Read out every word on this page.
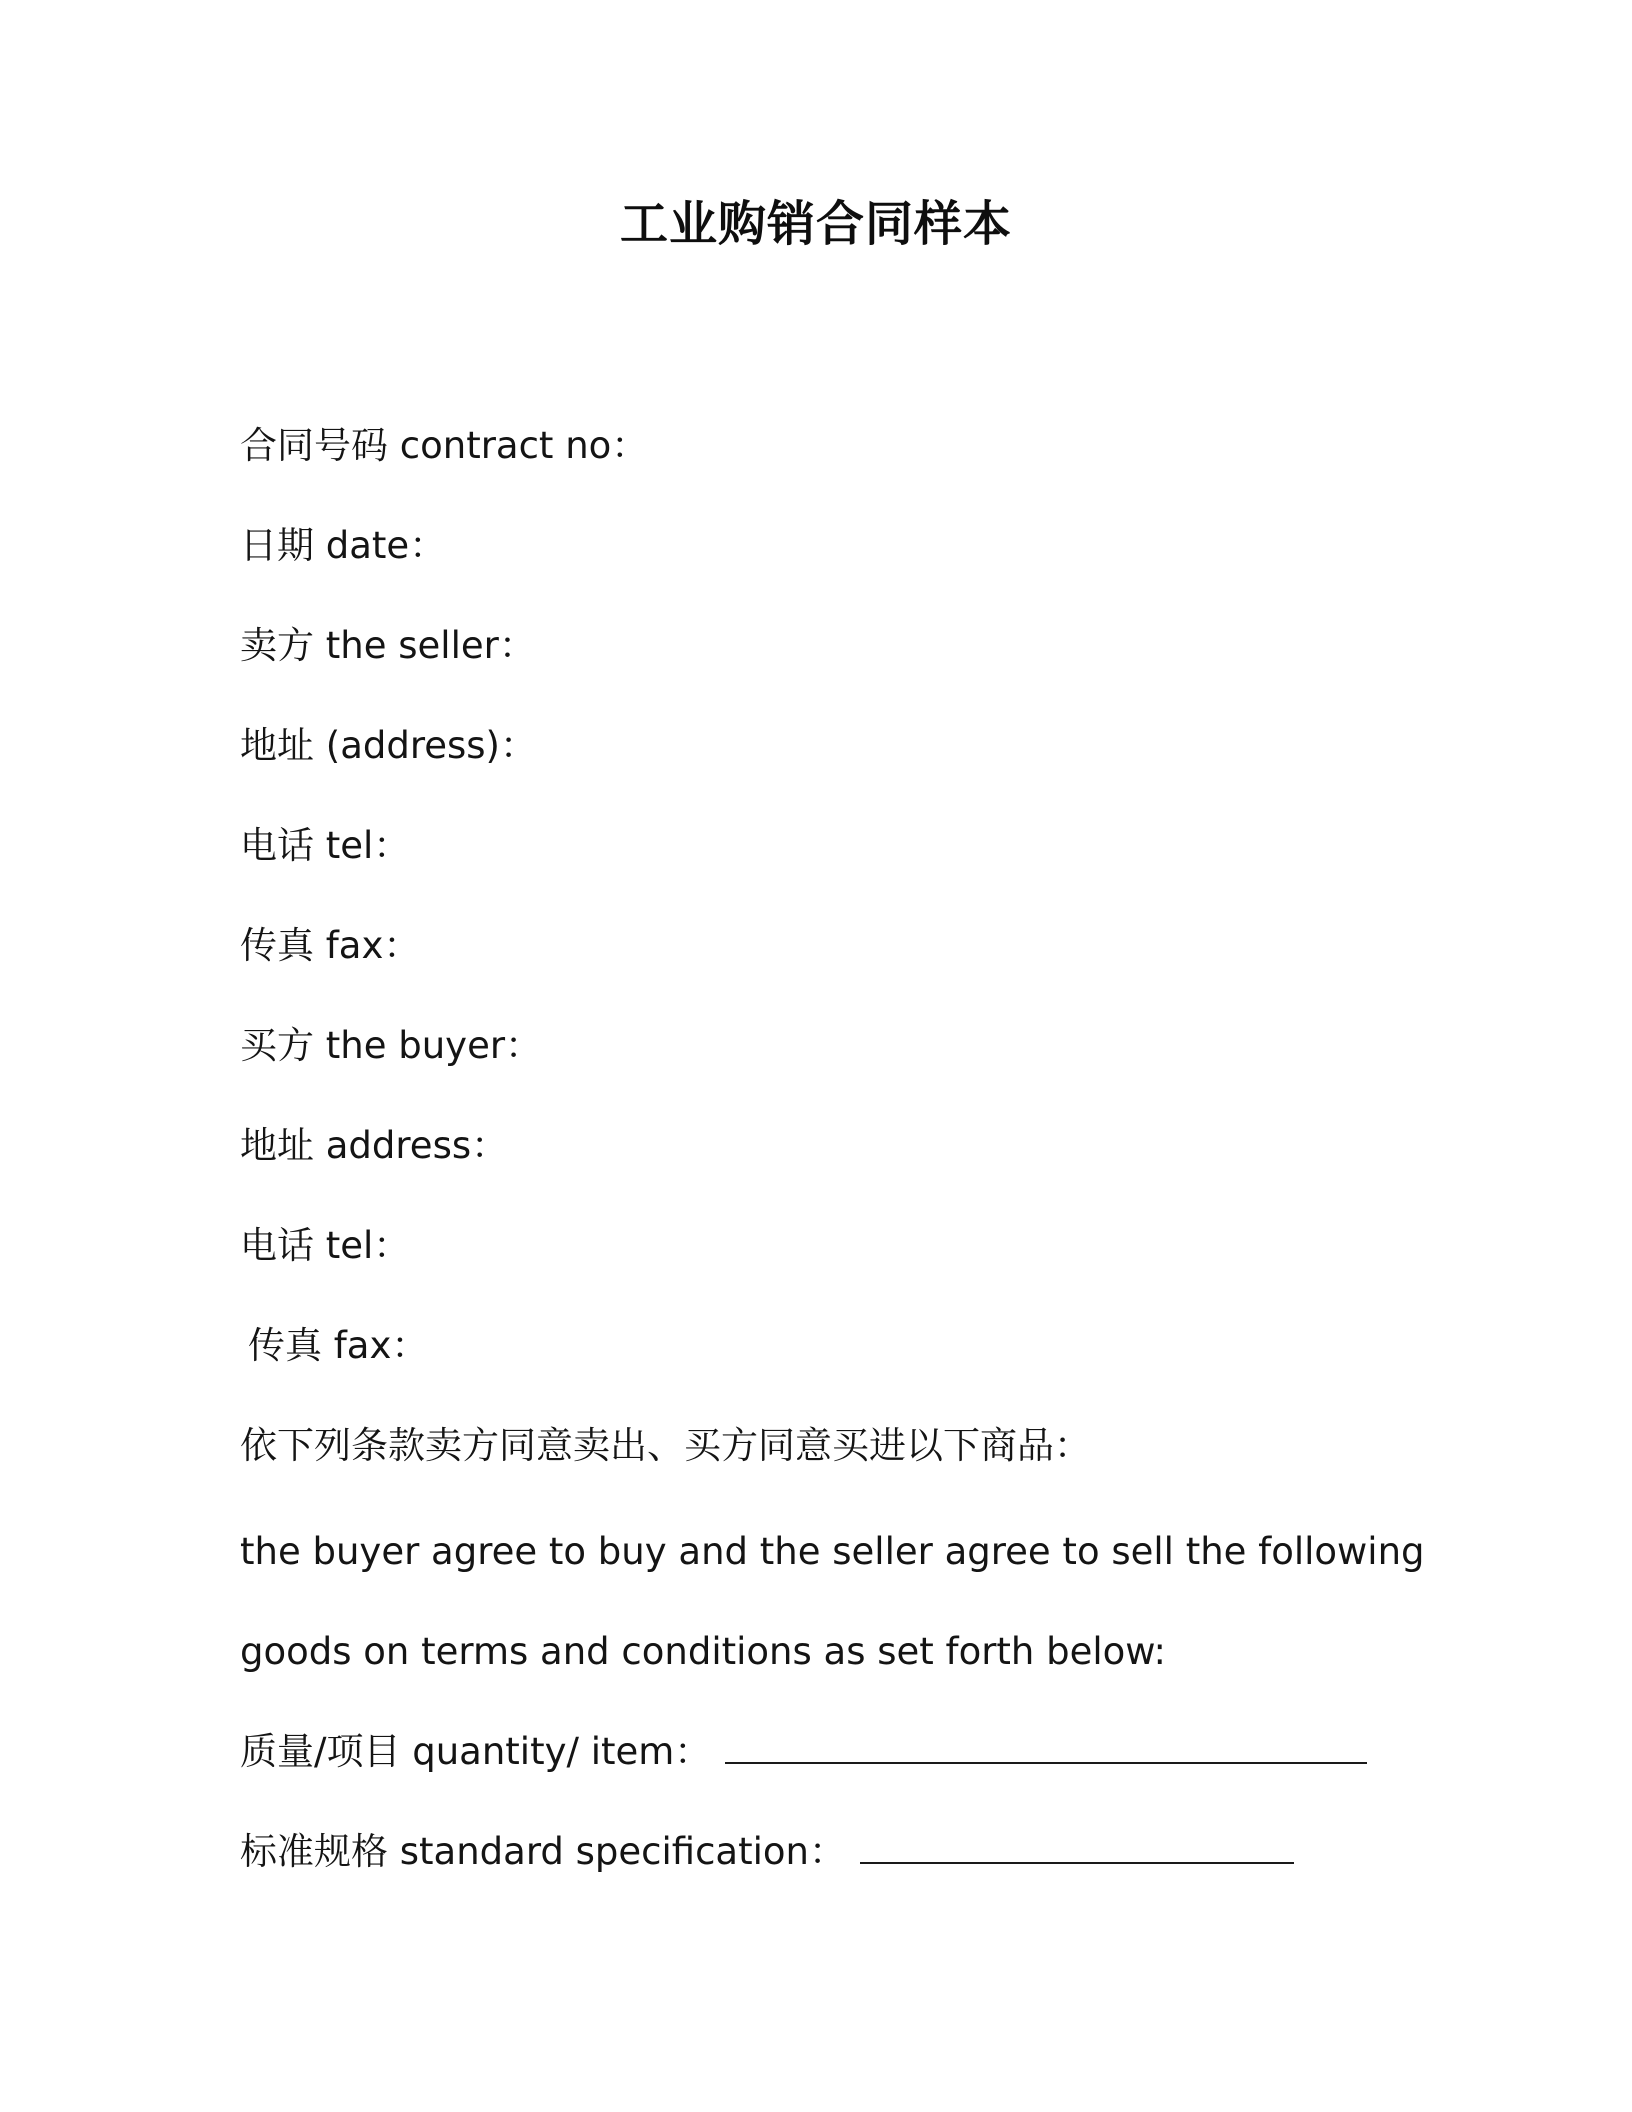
工业购销合同样本
合同号码 contract no：
日期 date：
卖方 the seller：
地址 (address)：
电话 tel：
传真 fax：
买方 the buyer：
地址 address：
电话 tel：
传真 fax：
依下列条款卖方同意卖出、买方同意买进以下商品：
the buyer agree to buy and the seller agree to sell the following
goods on terms and conditions as set forth below:
质量/项目 quantity/ item：
标准规格 standard specification：
